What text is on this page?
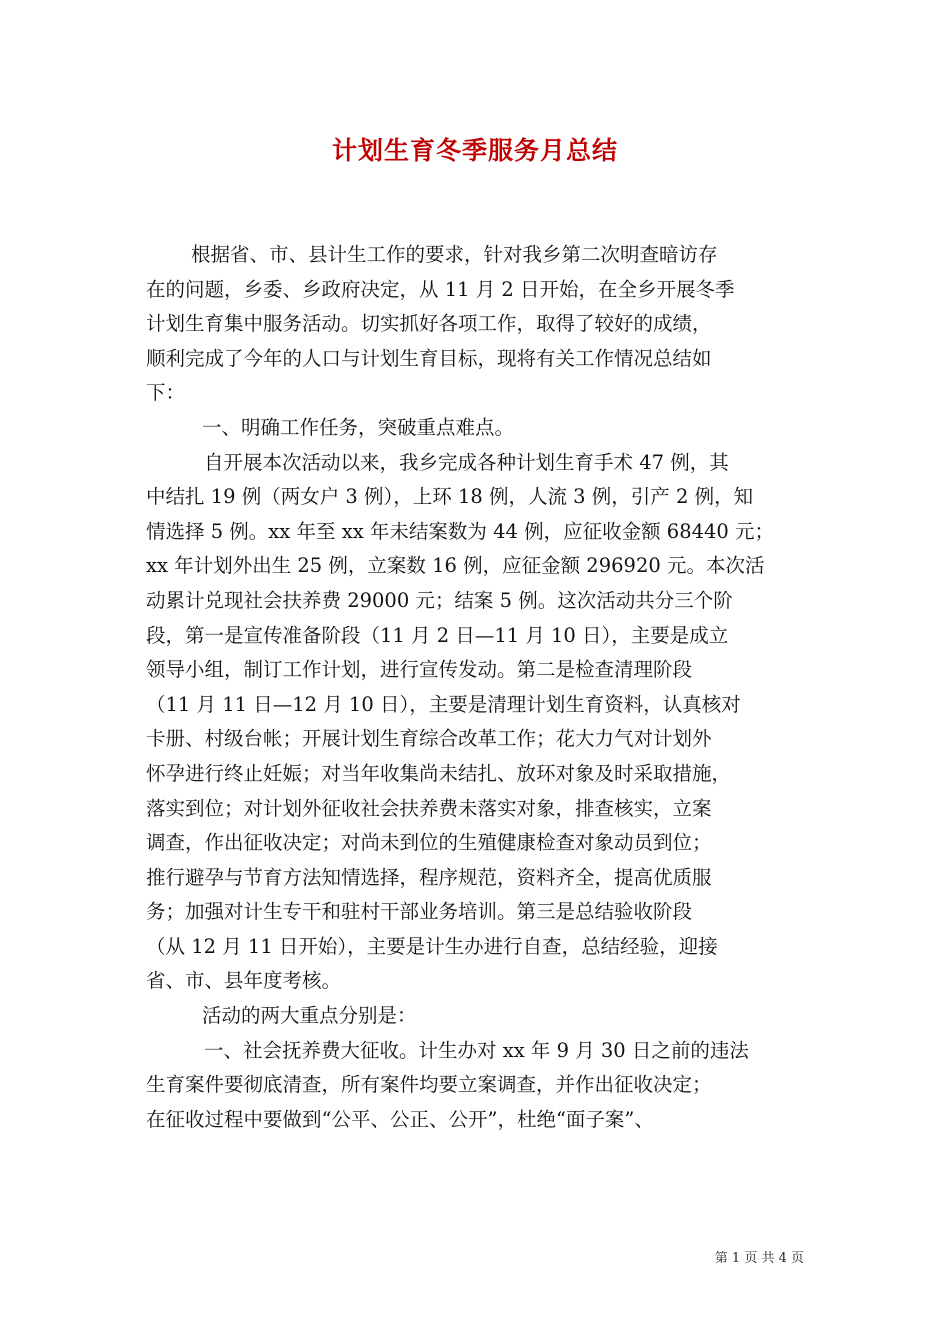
计划生育冬季服务月总结
根据省、市、县计生工作的要求，针对我乡第二次明查暗访存
在的问题，乡委、乡政府决定，从 11 月 2 日开始，在全乡开展冬季
计划生育集中服务活动。切实抓好各项工作，取得了较好的成绩，
顺利完成了今年的人口与计划生育目标，现将有关工作情况总结如
下：
一、明确工作任务，突破重点难点。
自开展本次活动以来，我乡完成各种计划生育手术 47 例，其
中结扎 19 例（两女户 3 例），上环 18 例，人流 3 例，引产 2 例，知
情选择 5 例。xx 年至 xx 年未结案数为 44 例，应征收金额 68440 元；
xx 年计划外出生 25 例，立案数 16 例，应征金额 296920 元。本次活
动累计兑现社会扶养费 29000 元；结案 5 例。这次活动共分三个阶
段，第一是宣传准备阶段（11 月 2 日—11 月 10 日），主要是成立
领导小组，制订工作计划，进行宣传发动。第二是检查清理阶段
（11 月 11 日—12 月 10 日），主要是清理计划生育资料，认真核对
卡册、村级台帐；开展计划生育综合改革工作；花大力气对计划外
怀孕进行终止妊娠；对当年收集尚未结扎、放环对象及时采取措施，
落实到位；对计划外征收社会扶养费未落实对象，排查核实，立案
调查，作出征收决定；对尚未到位的生殖健康检查对象动员到位；
推行避孕与节育方法知情选择，程序规范，资料齐全，提高优质服
务；加强对计生专干和驻村干部业务培训。第三是总结验收阶段
（从 12 月 11 日开始），主要是计生办进行自查，总结经验，迎接
省、市、县年度考核。
活动的两大重点分别是：
一、社会抚养费大征收。计生办对 xx 年 9 月 30 日之前的违法
生育案件要彻底清查，所有案件均要立案调查，并作出征收决定；
在征收过程中要做到“公平、公正、公开”，杜绝“面子案”、
第 1 页 共 4 页
